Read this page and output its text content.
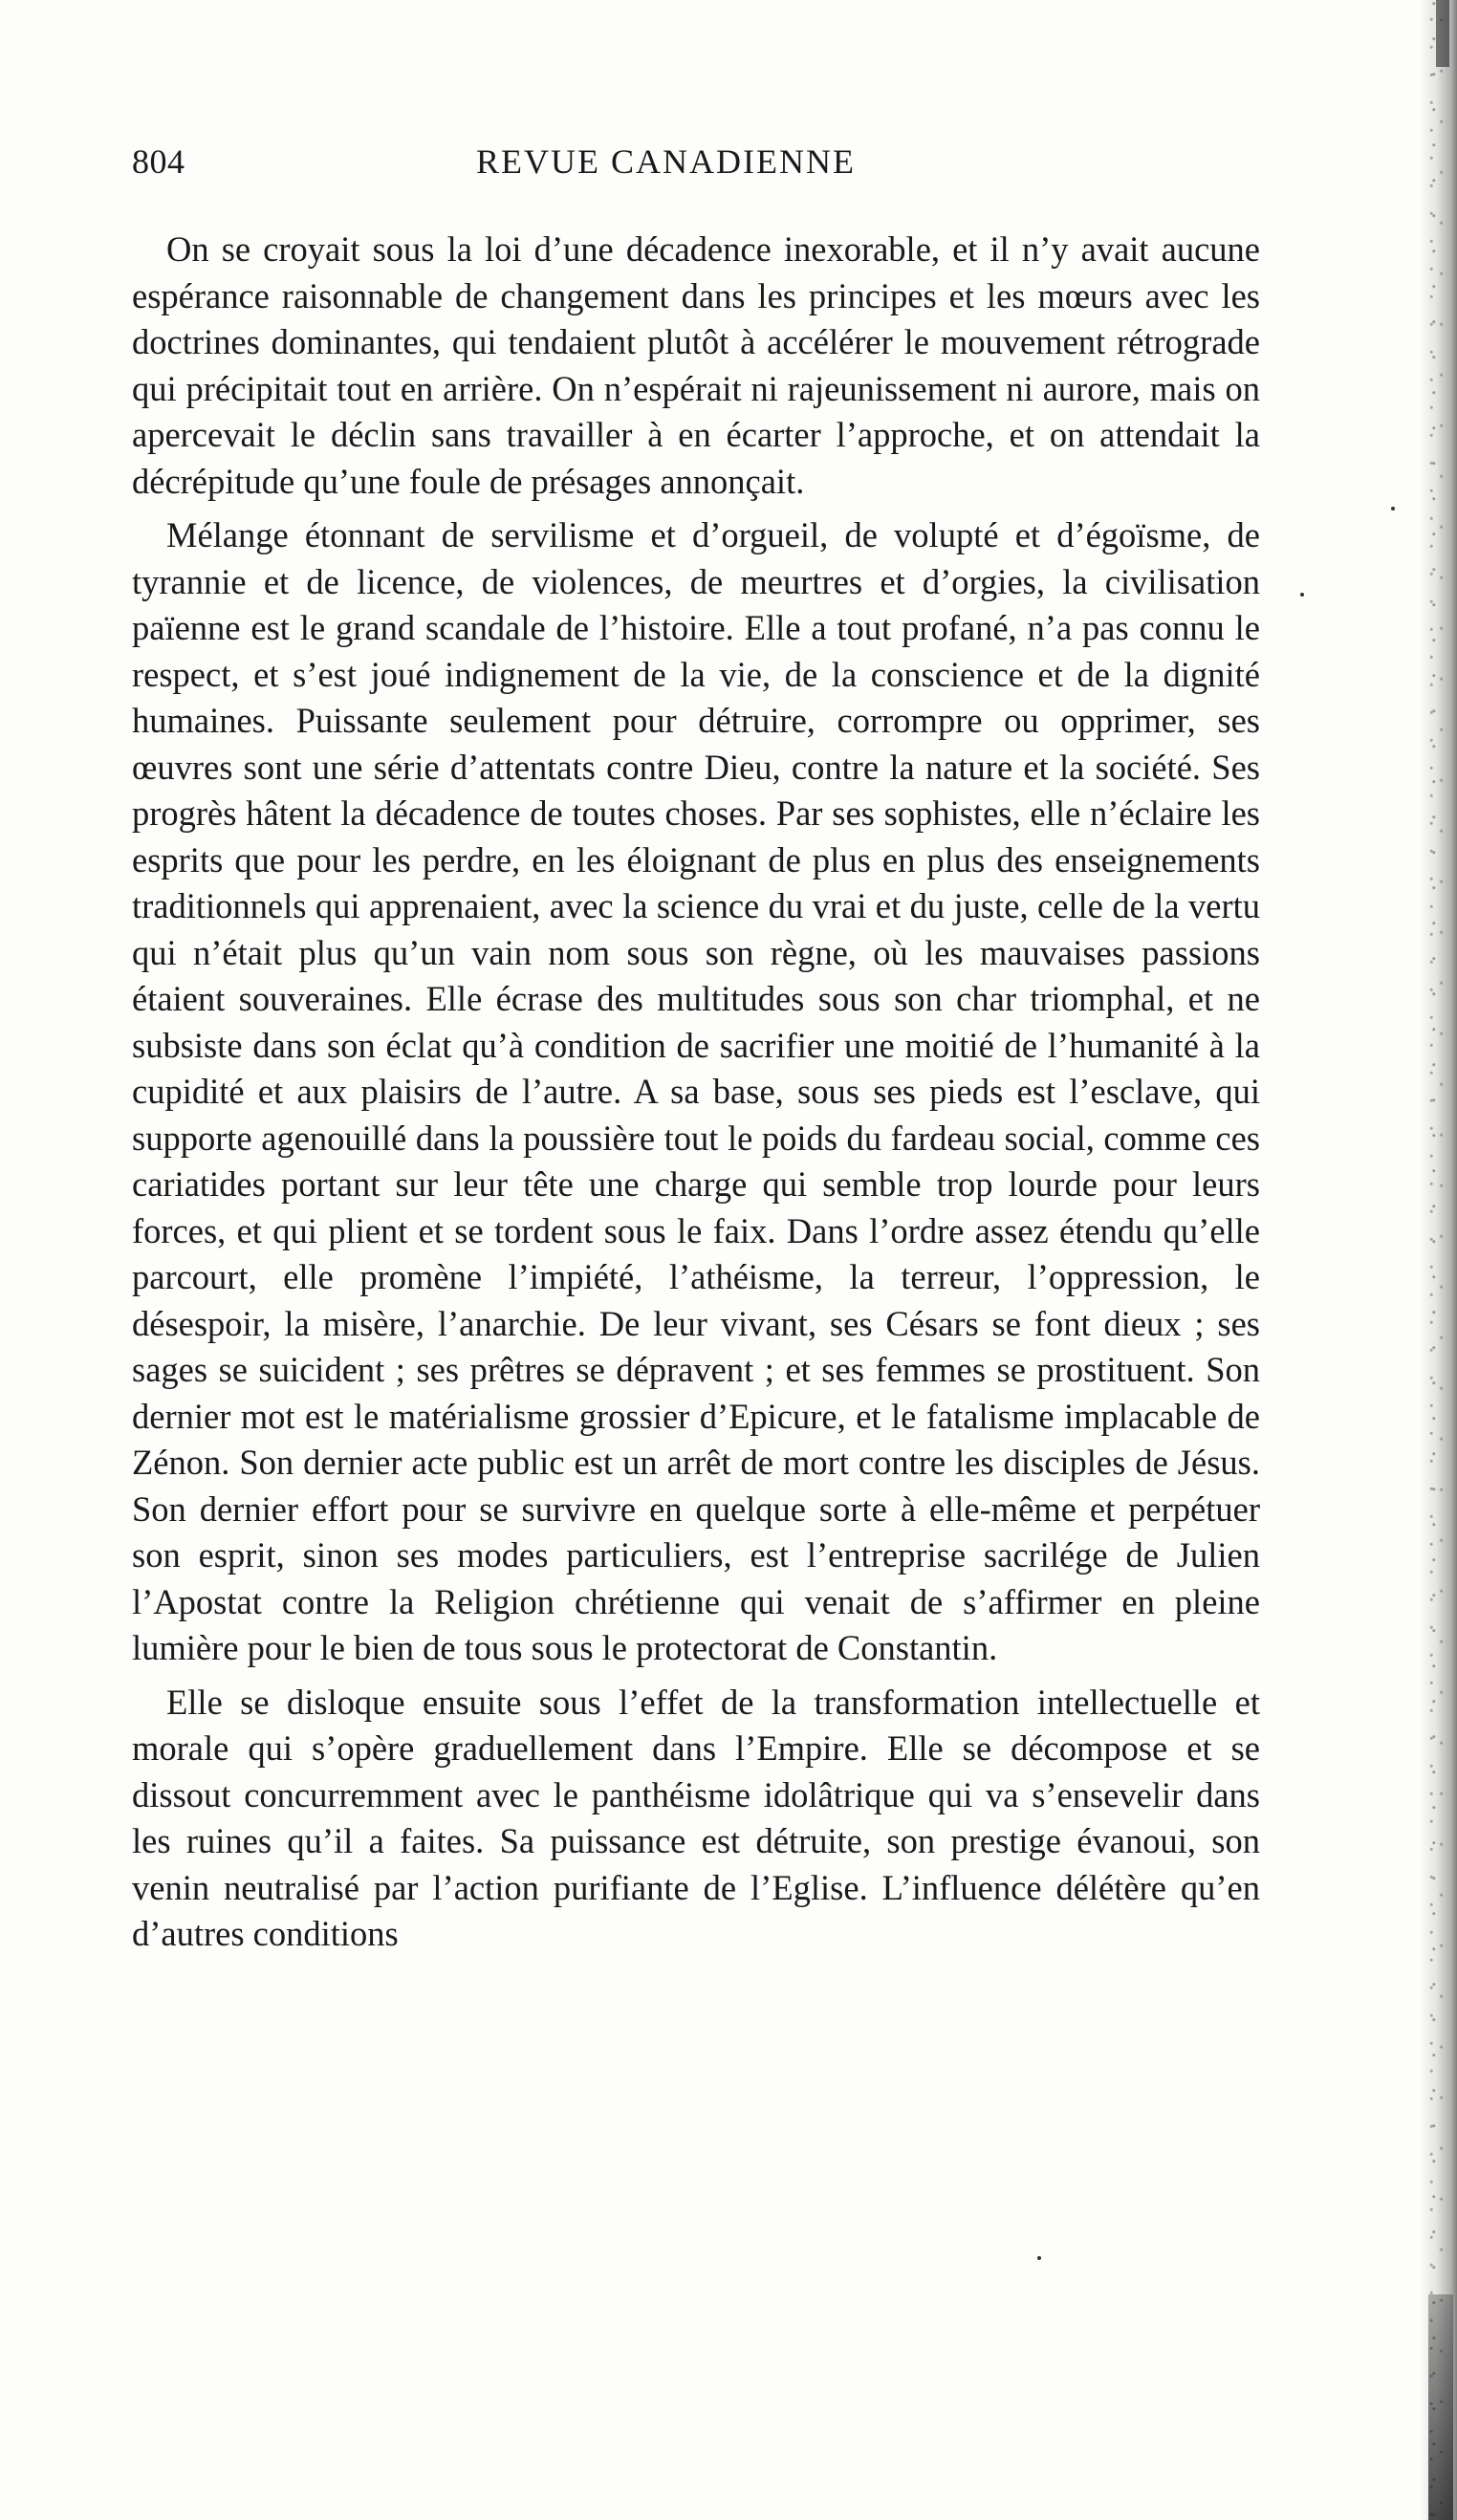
804	REVUE CANADIENNE

On se croyait sous la loi d’une décadence inexorable, et il n’y avait aucune espérance raisonnable de changement dans les principes et les mœurs avec les doctrines dominantes, qui tendaient plutôt à accélérer le mouvement rétrograde qui précipitait tout en arrière. On n’espérait ni rajeunissement ni aurore, mais on apercevait le déclin sans travailler à en écarter l’approche, et on attendait la décrépitude qu’une foule de présages annonçait.

Mélange étonnant de servilisme et d’orgueil, de volupté et d’égoïsme, de tyrannie et de licence, de violences, de meurtres et d’orgies, la civilisation païenne est le grand scandale de l’histoire. Elle a tout profané, n’a pas connu le respect, et s’est joué indignement de la vie, de la conscience et de la dignité humaines. Puissante seulement pour détruire, corrompre ou opprimer, ses œuvres sont une série d’attentats contre Dieu, contre la nature et la société. Ses progrès hâtent la décadence de toutes choses. Par ses sophistes, elle n’éclaire les esprits que pour les perdre, en les éloignant de plus en plus des enseignements traditionnels qui apprenaient, avec la science du vrai et du juste, celle de la vertu qui n’était plus qu’un vain nom sous son règne, où les mauvaises passions étaient souveraines. Elle écrase des multitudes sous son char triomphal, et ne subsiste dans son éclat qu’à condition de sacrifier une moitié de l’humanité à la cupidité et aux plaisirs de l’autre. A sa base, sous ses pieds est l’esclave, qui supporte agenouillé dans la poussière tout le poids du fardeau social, comme ces cariatides portant sur leur tête une charge qui semble trop lourde pour leurs forces, et qui plient et se tordent sous le faix. Dans l’ordre assez étendu qu’elle parcourt, elle promène l’impiété, l’athéisme, la terreur, l’oppression, le désespoir, la misère, l’anarchie. De leur vivant, ses Césars se font dieux ; ses sages se suicident ; ses prêtres se dépravent ; et ses femmes se prostituent. Son dernier mot est le matérialisme grossier d’Epicure, et le fatalisme implacable de Zénon. Son dernier acte public est un arrêt de mort contre les disciples de Jésus. Son dernier effort pour se survivre en quelque sorte à elle-même et perpétuer son esprit, sinon ses modes particuliers, est l’entreprise sacrilége de Julien l’Apostat contre la Religion chrétienne qui venait de s’affirmer en pleine lumière pour le bien de tous sous le protectorat de Constantin.

Elle se disloque ensuite sous l’effet de la transformation intellectuelle et morale qui s’opère graduellement dans l’Empire. Elle se décompose et se dissout concurremment avec le panthéisme idolâtrique qui va s’ensevelir dans les ruines qu’il a faites. Sa puissance est détruite, son prestige évanoui, son venin neutralisé par l’action purifiante de l’Eglise. L’influence délétère qu’en d’autres conditions
